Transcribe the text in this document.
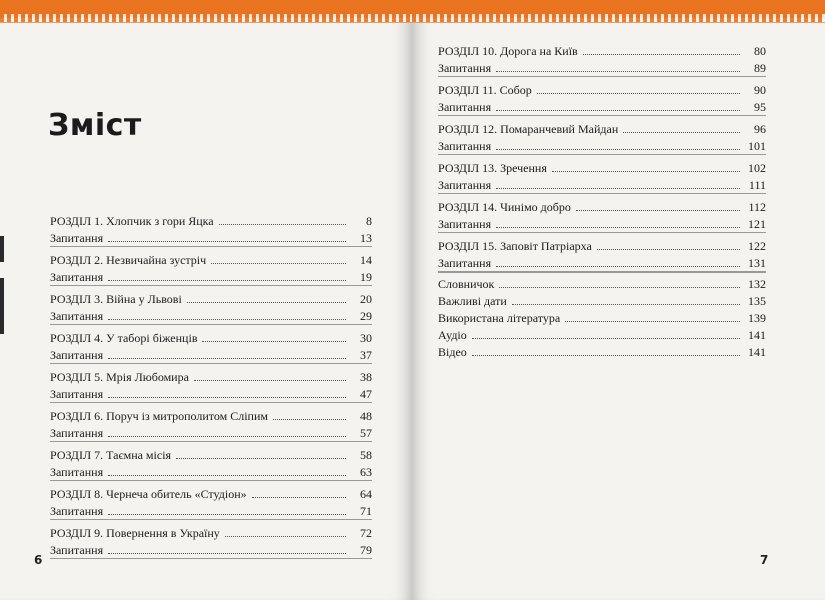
Зміст
РОЗДІЛ 1. Хлопчик з гори Яцка	8
Запитання	13
РОЗДІЛ 2. Незвичайна зустріч	14
Запитання	19
РОЗДІЛ 3. Війна у Львові	20
Запитання	29
РОЗДІЛ 4. У таборі біженців	30
Запитання	37
РОЗДІЛ 5. Мрія Любомира	38
Запитання	47
РОЗДІЛ 6. Поруч із митрополитом Сліпим	48
Запитання	57
РОЗДІЛ 7. Таємна місія	58
Запитання	63
РОЗДІЛ 8. Чернеча обитель «Студіон»	64
Запитання	71
РОЗДІЛ 9. Повернення в Україну	72
Запитання	79
6
РОЗДІЛ 10. Дорога на Київ	80
Запитання	89
РОЗДІЛ 11. Собор	90
Запитання	95
РОЗДІЛ 12. Помаранчевий Майдан	96
Запитання	101
РОЗДІЛ 13. Зречення	102
Запитання	111
РОЗДІЛ 14. Чинімо добро	112
Запитання	121
РОЗДІЛ 15. Заповіт Патріарха	122
Запитання	131
Словничок	132
Важливі дати	135
Використана література	139
Аудіо	141
Відео	141
7
